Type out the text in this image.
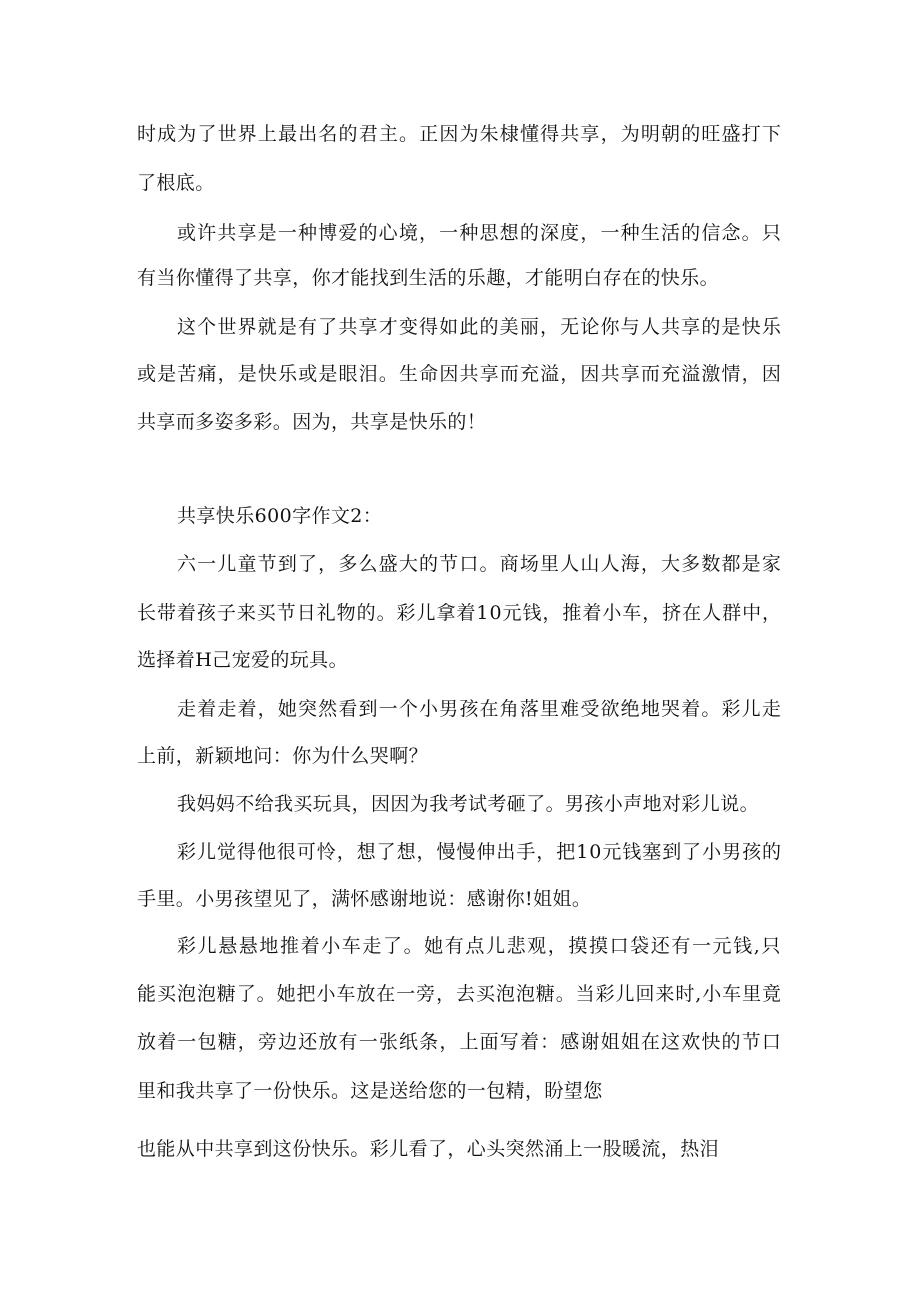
时成为了世界上最出名的君主。正因为朱棣懂得共享，为明朝的旺盛打下
了根底。
或许共享是一种博爱的心境，一种思想的深度，一种生活的信念。只
有当你懂得了共享，你才能找到生活的乐趣，才能明白存在的快乐。
这个世界就是有了共享才变得如此的美丽，无论你与人共享的是快乐
或是苦痛，是快乐或是眼泪。生命因共享而充溢，因共享而充溢激情，因
共享而多姿多彩。因为，共享是快乐的！
共享快乐600字作文2：
六一儿童节到了，多么盛大的节口。商场里人山人海，大多数都是家
长带着孩子来买节日礼物的。彩儿拿着10元钱，推着小车，挤在人群中，
选择着H己宠爱的玩具。
走着走着，她突然看到一个小男孩在角落里难受欲绝地哭着。彩儿走
上前，新颖地问：你为什么哭啊？
我妈妈不给我买玩具，因因为我考试考砸了。男孩小声地对彩儿说。
彩儿觉得他很可怜，想了想，慢慢伸出手，把10元钱塞到了小男孩的
手里。小男孩望见了，满怀感谢地说：感谢你!姐姐。
彩儿悬悬地推着小车走了。她有点儿悲观，摸摸口袋还有一元钱,只
能买泡泡糖了。她把小车放在一旁，去买泡泡糖。当彩儿回来时,小车里竟
放着一包糖，旁边还放有一张纸条，上面写着：感谢姐姐在这欢快的节口
里和我共享了一份快乐。这是送给您的一包精，盼望您
也能从中共享到这份快乐。彩儿看了，心头突然涌上一股暖流，热泪
